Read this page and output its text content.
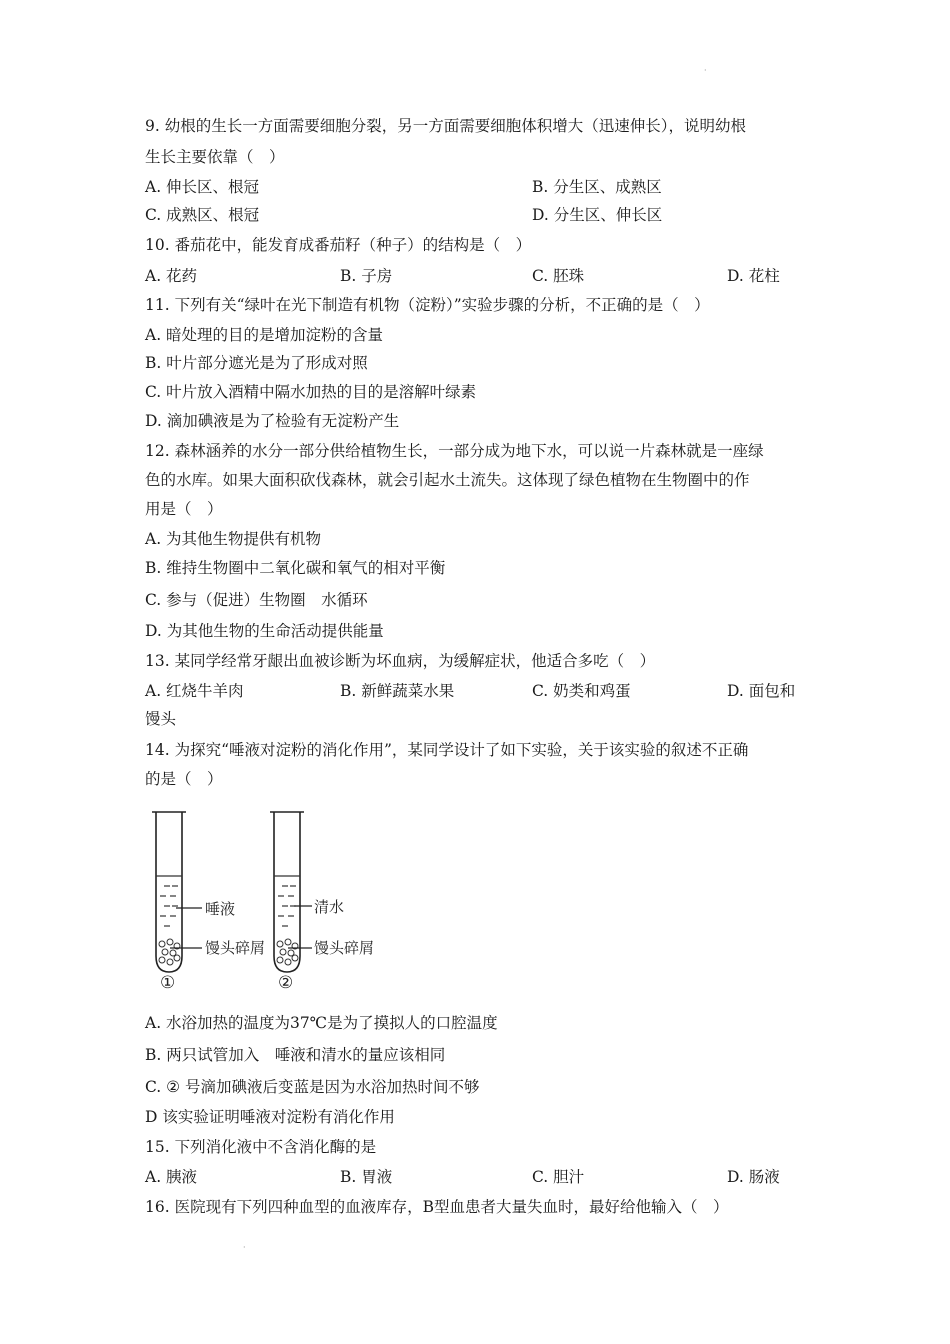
·
9. 幼根的生长一方面需要细胞分裂，另一方面需要细胞体积增大（迅速伸长），说明幼根
生长主要依靠（　）
A. 伸长区、根冠	B. 分生区、成熟区
C. 成熟区、根冠	D. 分生区、伸长区
10. 番茄花中，能发育成番茄籽（种子）的结构是（　）
A. 花药	B. 子房	C. 胚珠	D. 花柱
11. 下列有关“绿叶在光下制造有机物（淀粉）”实验步骤的分析，不正确的是（　）
A. 暗处理的目的是增加淀粉的含量
B. 叶片部分遮光是为了形成对照
C. 叶片放入酒精中隔水加热的目的是溶解叶绿素
D. 滴加碘液是为了检验有无淀粉产生
12. 森林涵养的水分一部分供给植物生长，一部分成为地下水，可以说一片森林就是一座绿
色的水库。如果大面积砍伐森林，就会引起水土流失。这体现了绿色植物在生物圈中的作
用是（　）
A. 为其他生物提供有机物
B. 维持生物圈中二氧化碳和氧气的相对平衡
C. 参与（促进）生物圈　水循环
D. 为其他生物的生命活动提供能量
13. 某同学经常牙龈出血被诊断为坏血病，为缓解症状，他适合多吃（　）
A. 红烧牛羊肉	B. 新鲜蔬菜水果	C. 奶类和鸡蛋	D. 面包和
馒头
14. 为探究“唾液对淀粉的消化作用”，某同学设计了如下实验，关于该实验的叙述不正确
的是（　）
唾液
馒头碎屑
①
清水
馒头碎屑
②
A. 水浴加热的温度为37℃是为了摸拟人的口腔温度
B. 两只试管加入　唾液和清水的量应该相同
C. ② 号滴加碘液后变蓝是因为水浴加热时间不够
D 该实验证明唾液对淀粉有消化作用
15. 下列消化液中不含消化酶的是
A. 胰液	B. 胃液	C. 胆汁	D. 肠液
16. 医院现有下列四种血型的血液库存，B型血患者大量失血时，最好给他输入（　）
·
